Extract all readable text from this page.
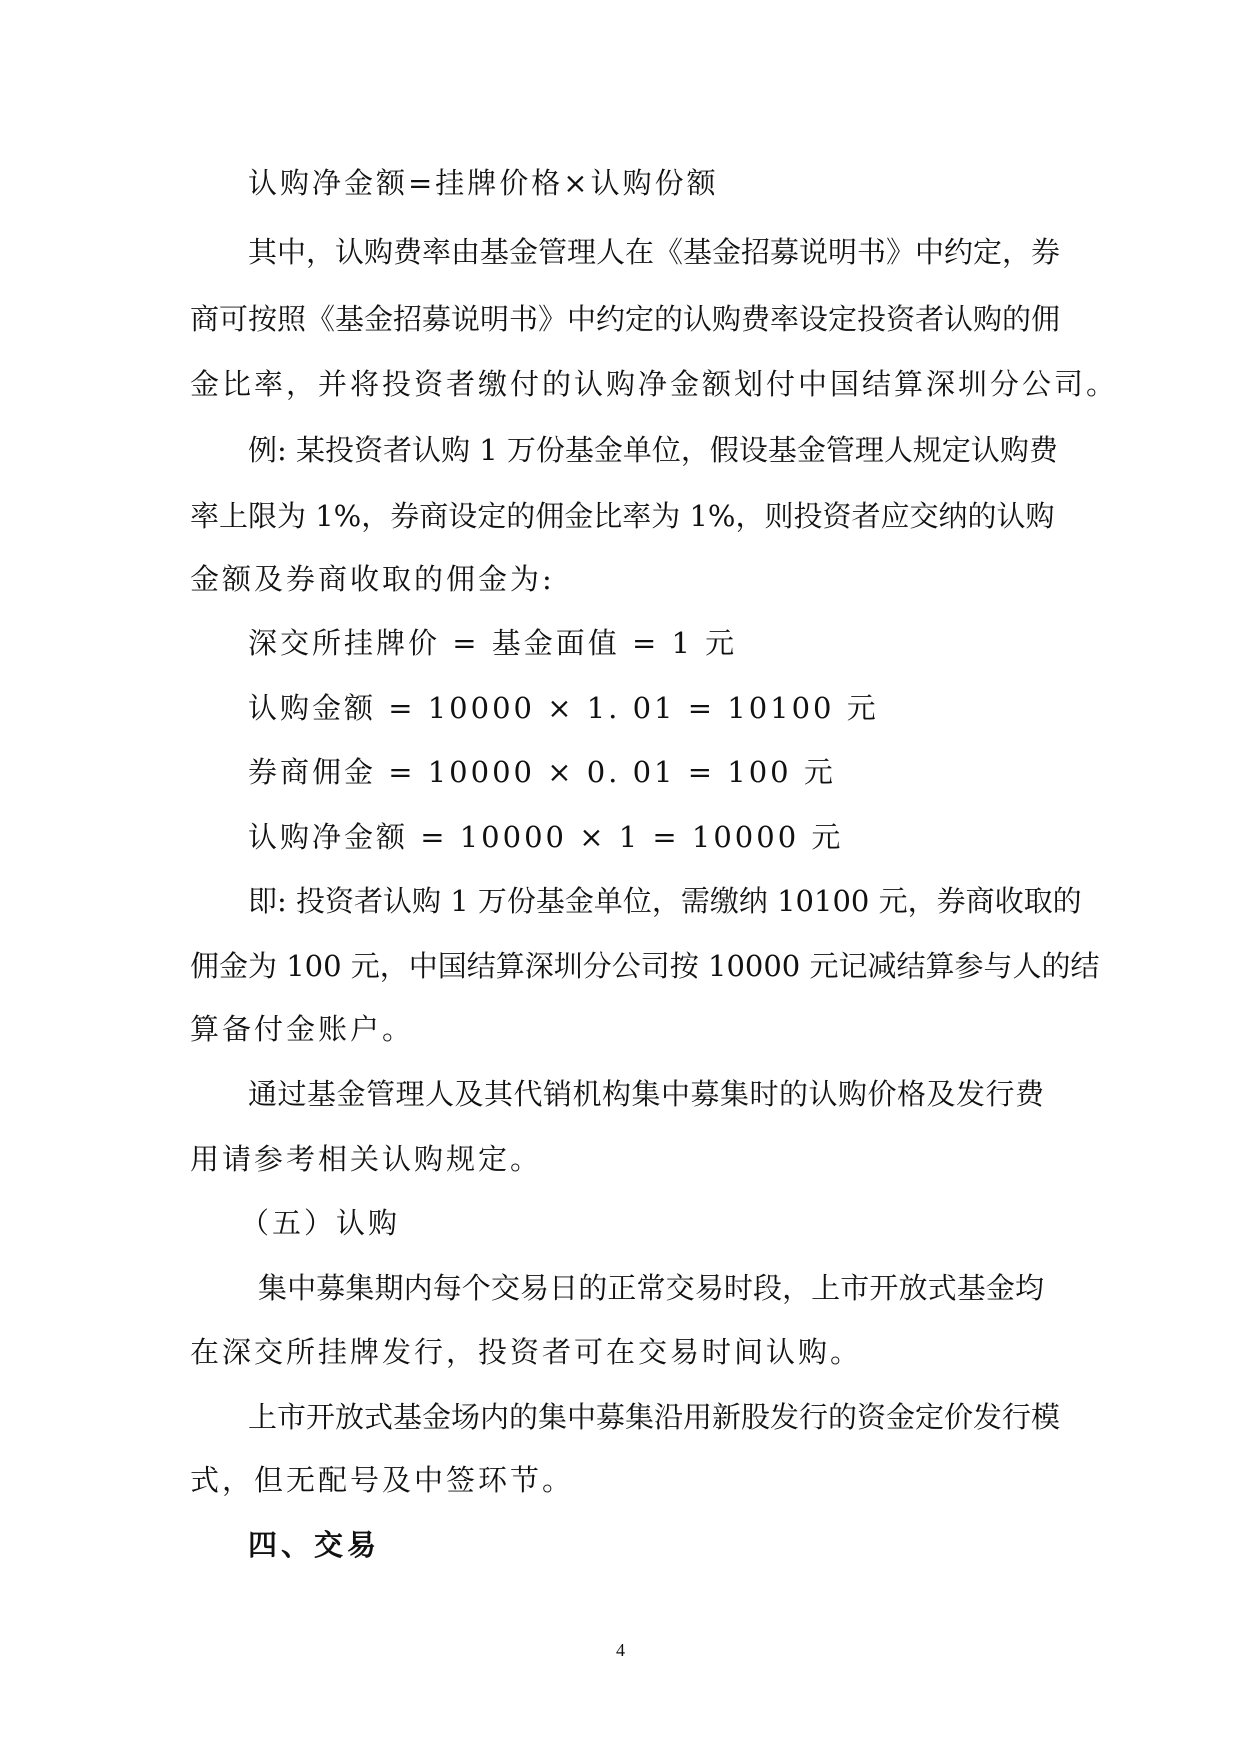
认购净金额=挂牌价格×认购份额
其中，认购费率由基金管理人在《基金招募说明书》中约定，券
商可按照《基金招募说明书》中约定的认购费率设定投资者认购的佣
金比率，并将投资者缴付的认购净金额划付中国结算深圳分公司。
例: 某投资者认购 1 万份基金单位，假设基金管理人规定认购费
率上限为 1%，券商设定的佣金比率为 1%，则投资者应交纳的认购
金额及券商收取的佣金为:
深交所挂牌价 = 基金面值 = 1 元
认购金额 = 10000 × 1. 01 = 10100 元
券商佣金 = 10000 × 0. 01 = 100 元
认购净金额 = 10000 × 1 = 10000 元
即: 投资者认购 1 万份基金单位，需缴纳 10100 元，券商收取的
佣金为 100 元，中国结算深圳分公司按 10000 元记减结算参与人的结
算备付金账户。
通过基金管理人及其代销机构集中募集时的认购价格及发行费
用请参考相关认购规定。
（五）认购
集中募集期内每个交易日的正常交易时段，上市开放式基金均
在深交所挂牌发行，投资者可在交易时间认购。
上市开放式基金场内的集中募集沿用新股发行的资金定价发行模
式，但无配号及中签环节。
四、交易
4
